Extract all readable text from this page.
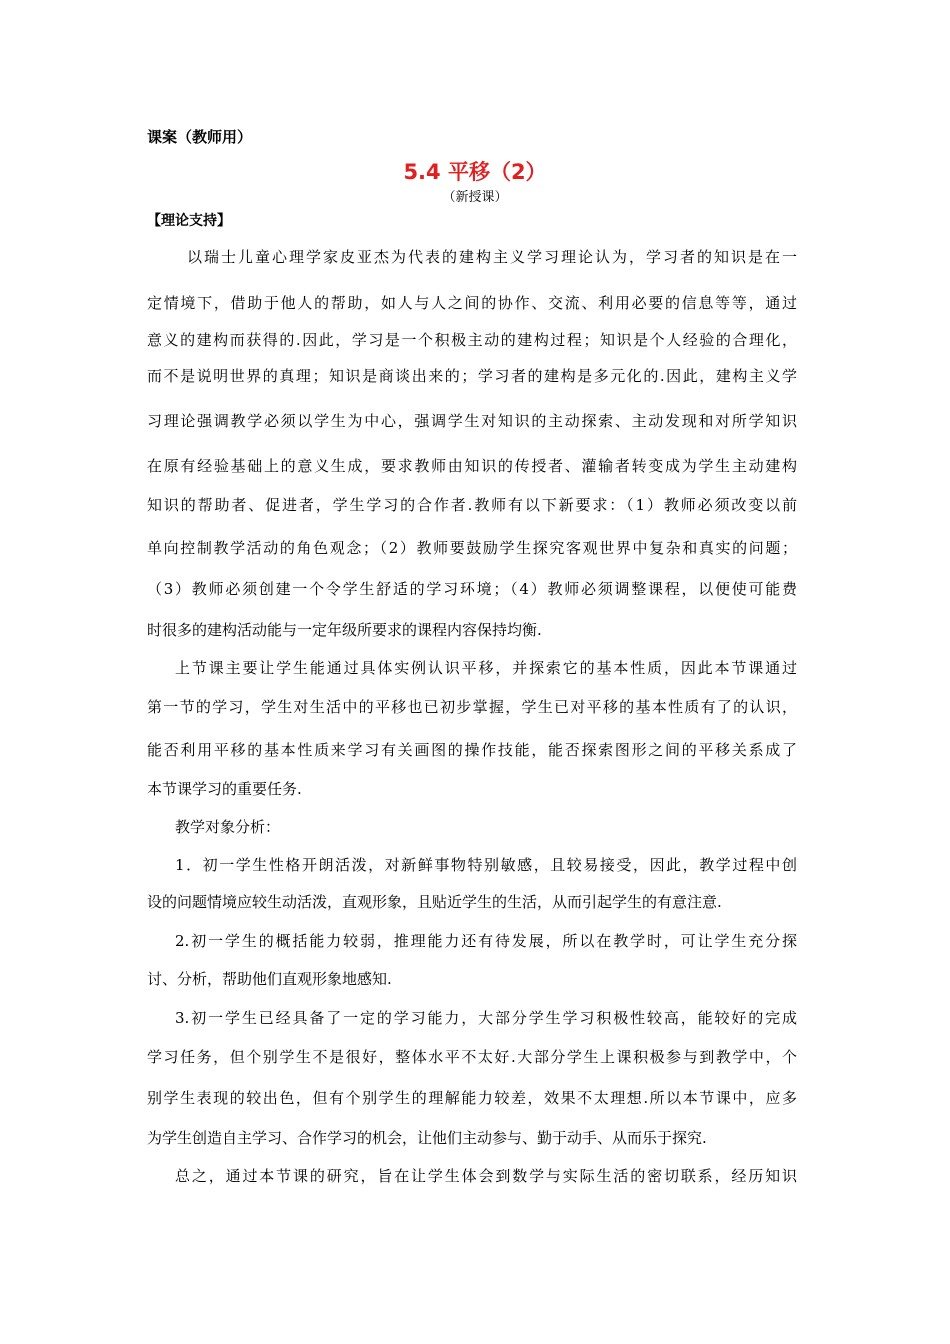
课案（教师用）
5.4 平移（2）
（新授课）
【理论支持】
以瑞士儿童心理学家皮亚杰为代表的建构主义学习理论认为，学习者的知识是在一
定情境下，借助于他人的帮助，如人与人之间的协作、交流、利用必要的信息等等，通过
意义的建构而获得的.因此，学习是一个积极主动的建构过程；知识是个人经验的合理化，
而不是说明世界的真理；知识是商谈出来的；学习者的建构是多元化的.因此，建构主义学
习理论强调教学必须以学生为中心，强调学生对知识的主动探索、主动发现和对所学知识
在原有经验基础上的意义生成，要求教师由知识的传授者、灌输者转变成为学生主动建构
知识的帮助者、促进者，学生学习的合作者.教师有以下新要求：（1）教师必须改变以前
单向控制教学活动的角色观念；（2）教师要鼓励学生探究客观世界中复杂和真实的问题；
（3）教师必须创建一个令学生舒适的学习环境；（4）教师必须调整课程，以便使可能费
时很多的建构活动能与一定年级所要求的课程内容保持均衡.
上节课主要让学生能通过具体实例认识平移，并探索它的基本性质，因此本节课通过
第一节的学习，学生对生活中的平移也已初步掌握，学生已对平移的基本性质有了的认识，
能否利用平移的基本性质来学习有关画图的操作技能，能否探索图形之间的平移关系成了
本节课学习的重要任务.
教学对象分析：
1．初一学生性格开朗活泼，对新鲜事物特别敏感，且较易接受，因此，教学过程中创
设的问题情境应较生动活泼，直观形象，且贴近学生的生活，从而引起学生的有意注意.
2.初一学生的概括能力较弱，推理能力还有待发展，所以在教学时，可让学生充分探
讨、分析，帮助他们直观形象地感知.
3.初一学生已经具备了一定的学习能力，大部分学生学习积极性较高，能较好的完成
学习任务，但个别学生不是很好，整体水平不太好.大部分学生上课积极参与到教学中，个
别学生表现的较出色，但有个别学生的理解能力较差，效果不太理想.所以本节课中，应多
为学生创造自主学习、合作学习的机会，让他们主动参与、勤于动手、从而乐于探究.
总之，通过本节课的研究，旨在让学生体会到数学与实际生活的密切联系，经历知识
